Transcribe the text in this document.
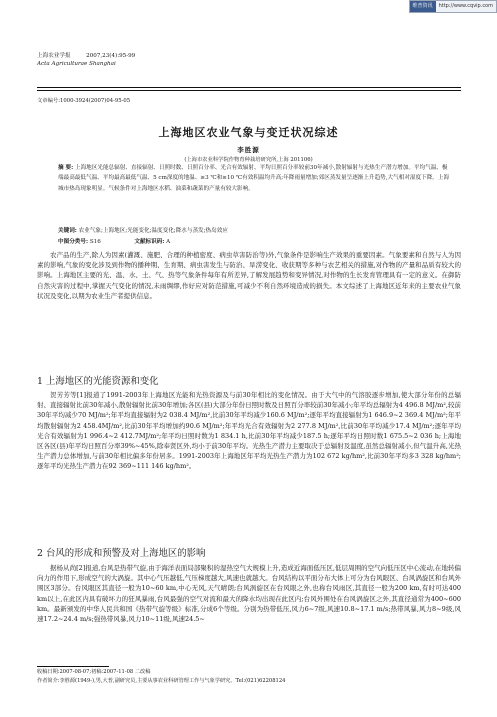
维普资讯	http://www.cqvip.com
上海农业学报	2007,23(4):95-99
Acta Agriculturae Shanghai
文章编号:1000-3924(2007)04-95-05
上海地区农业气象与变迁状况综述
李胜源
(上海市农业科学院作物育种栽培研究所,上海 201106)
摘 要: 上海地区光能总辐射、直接辐射、日照时数、日照百分率、光合有效辐射、平均日照百分率较前30年减小,散射辐射与光热生产潜力增加。平均气温、极端最高最低气温、平均最高最低气温、5 cm深度的地温、≥3 ℃和≥10 ℃有效积温均升高;年降雨量增加;郊区蒸发量呈逐渐上升趋势,大气相对湿度下降。上海城市热岛现象明显。气候条件对上海地区水稻、油菜和蔬菜的产量有较大影响。
关键词: 农业气象;上海地区;光能变化;温度变化;降水与蒸发;热岛效应
中图分类号: S16	文献标识码: A
农产品的生产,除人为因素(灌溉、施肥、合理的种植密度、病虫草害防治等)外,气象条件是影响生产效果的重要因素。气象要素和自然与人为因素的影响,气象的变化涉及到作物的播种期、生育期、病虫害发生与防治、旱涝变化、收获期等多种与农艺相关的措施,对作物的产量和品质有较大的影响。上海地区主要的光、温、水、土、气、热等气象条件每年有所差异,了解发展趋势和变异情况,对作物的生长发育管理具有一定的意义。在御防自然灾害的过程中,掌握天气变化的情况,未雨绸缪,作好应对防范措施,可减少不利自然环境造成的损失。本文综述了上海地区近年来的主要农业气象状况及变化,以期为农业生产者提供信息。
1 上海地区的光能资源和变化
贺芳芳等[1]报道了1991-2003年上海地区光能和光热资源及与前30年相比的变化情况。由于大气中的气溶胶逐步增加,使大部分年份的总辐射、直接辐射比前30年减小,散射辐射比前30年增加;各区(县)大部分年份日照时数及日照百分率较前30年减小;年平均总辐射为4 496.8 MJ/m²,较前30年平均减少70 MJ/m²;年平均直接辐射为2 038.4 MJ/m²,比前30年平均减少160.6 MJ/m²;逐年平均直接辐射为1 646.9~2 369.4 MJ/m²;年平均散射辐射为2 458.4MJ/m²,比前30年平均增加约90.6 MJ/m²;年平均光合有效辐射为2 277.8 MJ/m²,比前30年平均减少17.4 MJ/m²;逐年平均光合有效辐射为1 996.4~2 412.7MJ/m²;年平均日照时数为1 834.1 h,比前30年平均减少187.5 h;逐年平均日照时数1 675.5~2 036 h;上海地区各区(县)年平均日照百分率39%~45%,除奉贤区外,均小于前30年平均。光热生产潜力主要取决于总辐射及温度,虽然总辐射减小,但气温升高,光热生产潜力总体增加,与前30年相比偏多年份居多。1991-2003年上海地区年平均光热生产潜力为102 672 kg/hm²,比前30年平均多3 328 kg/hm²;逐年平均光热生产潜力在92 369~111 146 kg/hm²。
2 台风的形成和预警及对上海地区的影响
据杨从尚[2]报道,台风是热带气旋,由于海洋表面局部聚积的湿热空气大规模上升,造成近海面低压区,低层周围的空气向低压区中心流动,在地转偏向力的作用下,形成空气的大涡旋。其中心气压越低,气压梯度越大,风速也就越大。台风结构以平面分布大体上可分为台风眼区、台风涡旋区和台风外围区3部分。台风眼区其直径一般为10~60 km,中心无风,天气晴朗;台风涡旋区在台风眼之外,也称台风雨区,其直径一般为200 km,有时可达400 km以上,在此区内具有破坏力的狂风暴雨,台风最强的空气对流和最大的降水均出现在此区内;台风外围处在台风涡旋区之外,其直径通常为400~600 km。最新颁发的中华人民共和国《热带气旋等级》标准,分成6个等级。分别为热带低压,风力6~7级,风速10.8~17.1 m/s;热带风暴,风力8~9级,风速17.2~24.4 m/s;强热带风暴,风力10~11级,风速24.5~
收稿日期:2007-08-07;初稿:2007-11-08 二改稿
作者简介:李胜源(1949-),男,大普,副研究员,主要从事农业科研管理工作与气象学研究。Tel:(021)62208124
